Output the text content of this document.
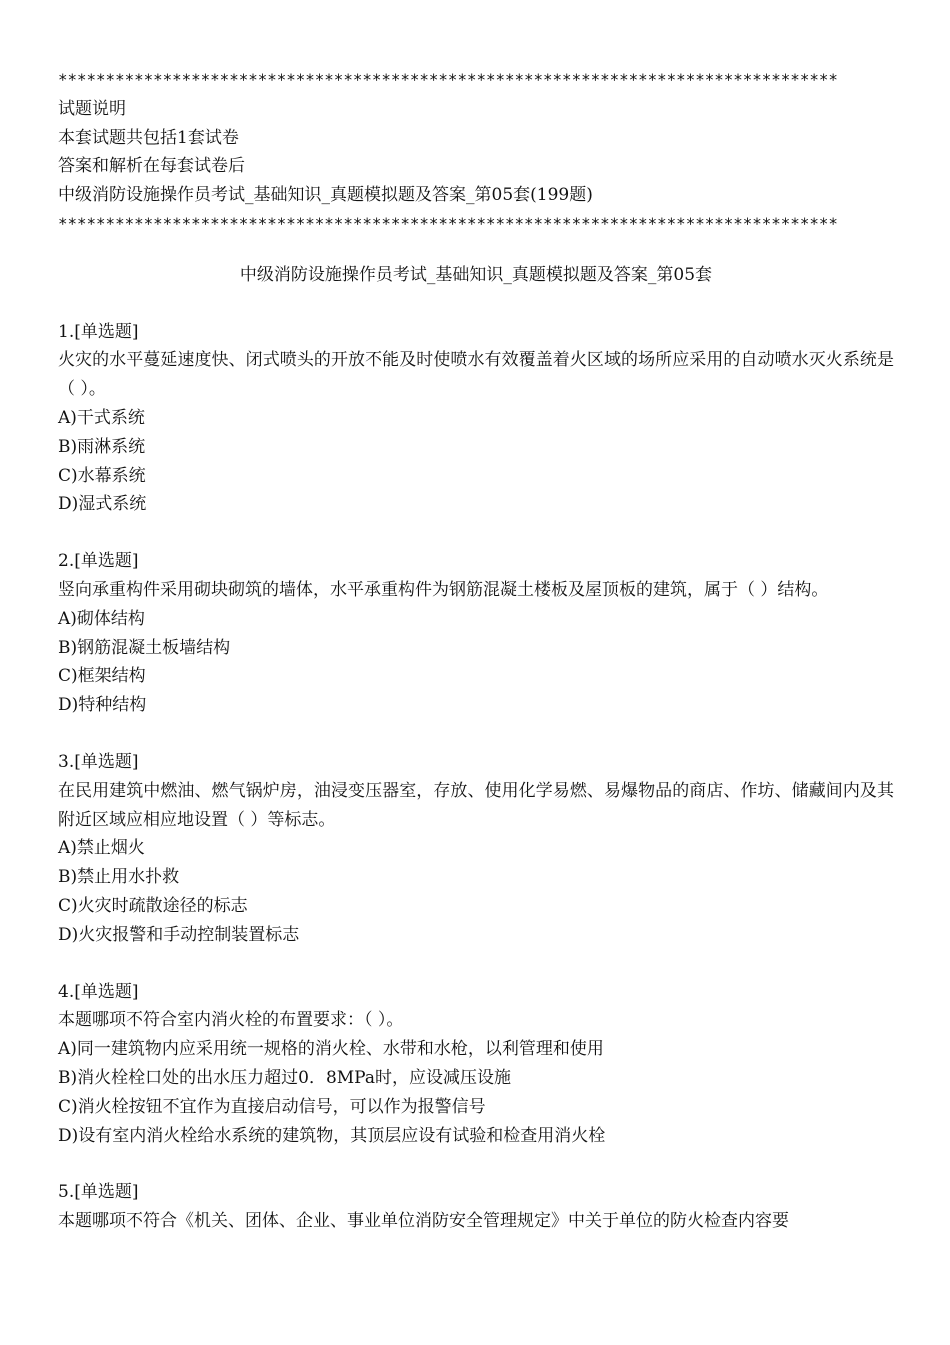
**********************************************************************************
试题说明
本套试题共包括1套试卷
答案和解析在每套试卷后
中级消防设施操作员考试_基础知识_真题模拟题及答案_第05套(199题)
**********************************************************************************
中级消防设施操作员考试_基础知识_真题模拟题及答案_第05套
1.[单选题]
火灾的水平蔓延速度快、闭式喷头的开放不能及时使喷水有效覆盖着火区域的场所应采用的自动喷水灭火系统是（ ）。
A)干式系统
B)雨淋系统
C)水幕系统
D)湿式系统
2.[单选题]
竖向承重构件采用砌块砌筑的墙体，水平承重构件为钢筋混凝土楼板及屋顶板的建筑，属于（ ）结构。
A)砌体结构
B)钢筋混凝土板墙结构
C)框架结构
D)特种结构
3.[单选题]
在民用建筑中燃油、燃气锅炉房，油浸变压器室，存放、使用化学易燃、易爆物品的商店、作坊、储藏间内及其附近区域应相应地设置（ ）等标志。
A)禁止烟火
B)禁止用水扑救
C)火灾时疏散途径的标志
D)火灾报警和手动控制装置标志
4.[单选题]
本题哪项不符合室内消火栓的布置要求：（ ）。
A)同一建筑物内应采用统一规格的消火栓、水带和水枪，以利管理和使用
B)消火栓栓口处的出水压力超过0．8MPa时，应设减压设施
C)消火栓按钮不宜作为直接启动信号，可以作为报警信号
D)设有室内消火栓给水系统的建筑物，其顶层应设有试验和检查用消火栓
5.[单选题]
本题哪项不符合《机关、团体、企业、事业单位消防安全管理规定》中关于单位的防火检查内容要
